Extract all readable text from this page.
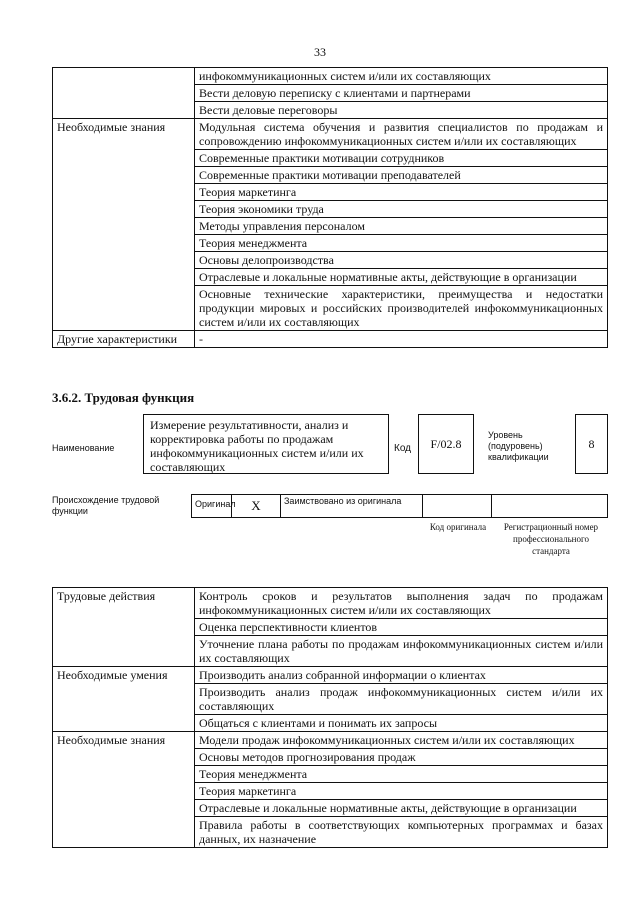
33
	инфокоммуникационных систем и/или их составляющих
	Вести деловую переписку с клиентами и партнерами
	Вести деловые переговоры
Необходимые знания	Модульная система обучения и развития специалистов по продажам и сопровождению инфокоммуникационных систем и/или их составляющих
	Современные практики мотивации сотрудников
	Современные практики мотивации преподавателей
	Теория маркетинга
	Теория экономики труда
	Методы управления персоналом
	Теория менеджмента
	Основы делопроизводства
	Отраслевые и локальные нормативные акты, действующие в организации
	Основные технические характеристики, преимущества и недостатки продукции мировых и российских производителей инфокоммуникационных систем и/или их составляющих
Другие характеристики	-
3.6.2. Трудовая функция
Наименование
Измерение результативности, анализ и корректировка работы по продажам инфокоммуникационных систем и/или их составляющих
Код	F/02.8
Уровень (подуровень) квалификации
8
Происхождение трудовой функции
Оригинал	X	Заимствовано из оригинала
Код оригинала	Регистрационный номер профессионального стандарта
Трудовые действия	Контроль сроков и результатов выполнения задач по продажам инфокоммуникационных систем и/или их составляющих
	Оценка перспективности клиентов
	Уточнение плана работы по продажам инфокоммуникационных систем и/или их составляющих
Необходимые умения	Производить анализ собранной информации о клиентах
	Производить анализ продаж инфокоммуникационных систем и/или их составляющих
	Общаться с клиентами и понимать их запросы
Необходимые знания	Модели продаж инфокоммуникационных систем и/или их составляющих
	Основы методов прогнозирования продаж
	Теория менеджмента
	Теория маркетинга
	Отраслевые и локальные нормативные акты, действующие в организации
	Правила работы в соответствующих компьютерных программах и базах данных, их назначение
